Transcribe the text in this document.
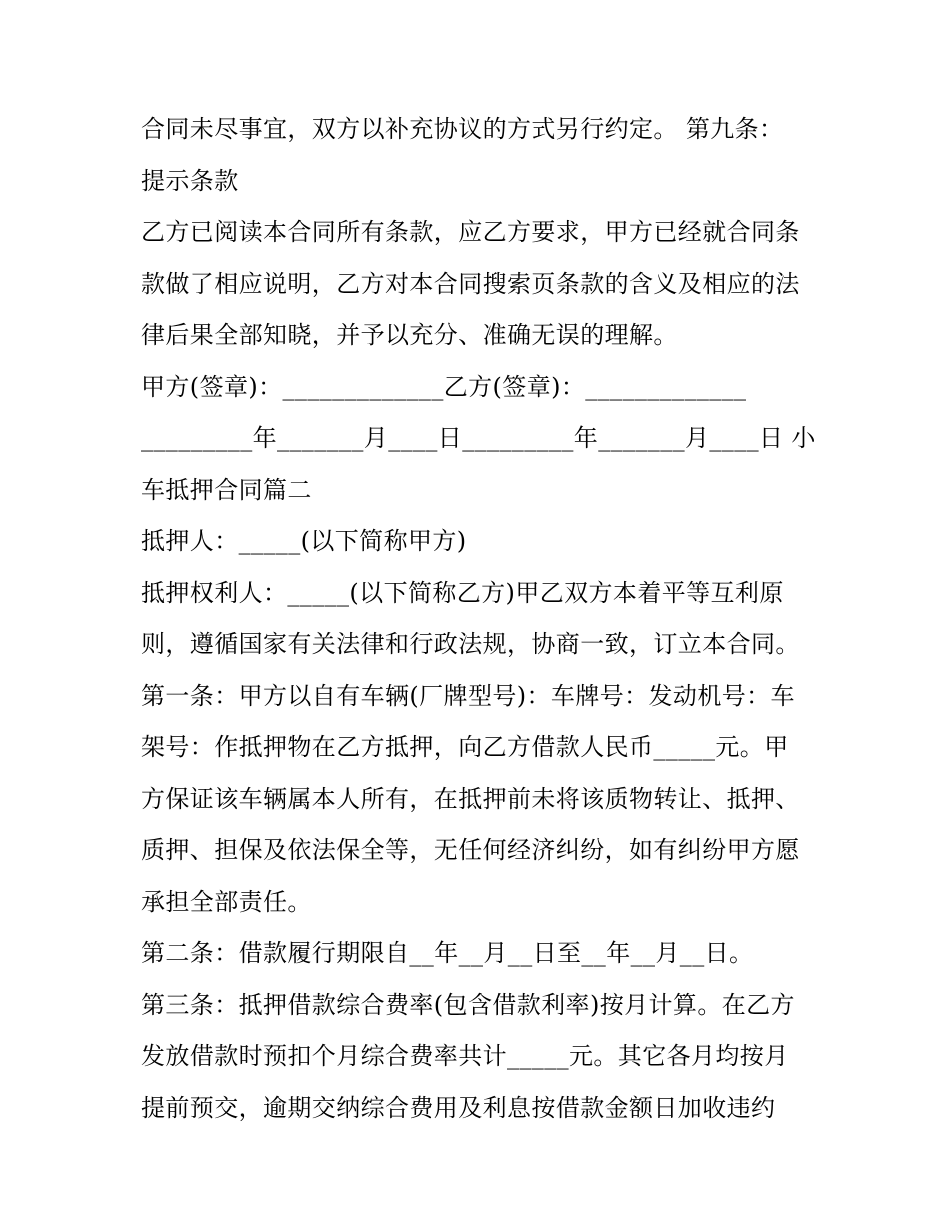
合同未尽事宜，双方以补充协议的方式另行约定。 第九条：
提示条款
乙方已阅读本合同所有条款，应乙方要求，甲方已经就合同条
款做了相应说明，乙方对本合同搜索页条款的含义及相应的法
律后果全部知晓，并予以充分、准确无误的理解。
甲方(签章)：_____________乙方(签章)：_____________
_________年_______月____日_________年_______月____日 小
车抵押合同篇二
抵押人：_____(以下简称甲方)
抵押权利人：_____(以下简称乙方)甲乙双方本着平等互利原
则，遵循国家有关法律和行政法规，协商一致，订立本合同。
第一条：甲方以自有车辆(厂牌型号)：车牌号：发动机号：车
架号：作抵押物在乙方抵押，向乙方借款人民币_____元。甲
方保证该车辆属本人所有，在抵押前未将该质物转让、抵押、
质押、担保及依法保全等，无任何经济纠纷，如有纠纷甲方愿
承担全部责任。
第二条：借款履行期限自__年__月__日至__年__月__日。
第三条：抵押借款综合费率(包含借款利率)按月计算。在乙方
发放借款时预扣个月综合费率共计_____元。其它各月均按月
提前预交，逾期交纳综合费用及利息按借款金额日加收违约
